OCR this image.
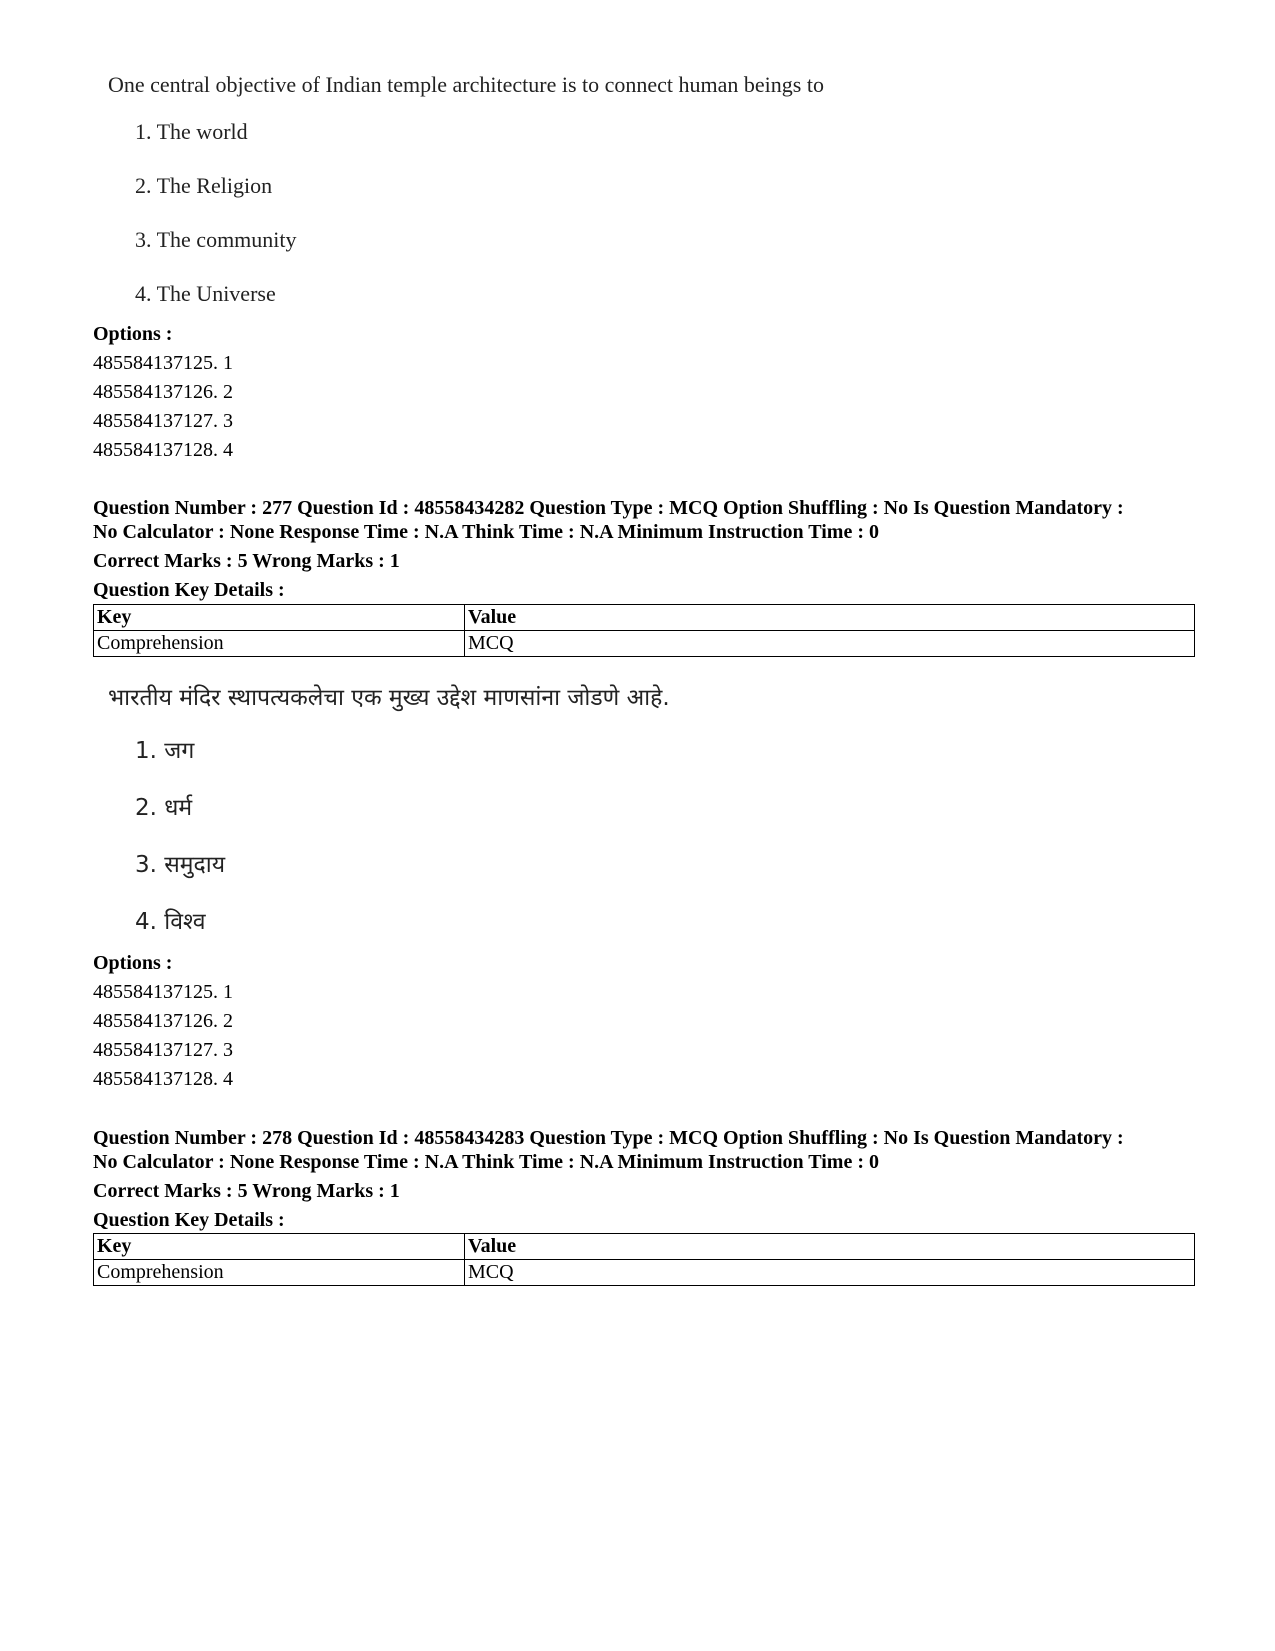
One central objective of Indian temple architecture is to connect human beings to
1. The world
2. The Religion
3. The community
4. The Universe
Options :
485584137125. 1
485584137126. 2
485584137127. 3
485584137128. 4
Question Number : 277 Question Id : 48558434282 Question Type : MCQ Option Shuffling : No Is Question Mandatory :
No Calculator : None Response Time : N.A Think Time : N.A Minimum Instruction Time : 0
Correct Marks : 5 Wrong Marks : 1
Question Key Details :
Key	Value
Comprehension	MCQ
भारतीय मंदिर स्थापत्यकलेचा एक मुख्य उद्देश माणसांना जोडणे आहे.
1. जग
2. धर्म
3. समुदाय
4. विश्व
Options :
485584137125. 1
485584137126. 2
485584137127. 3
485584137128. 4
Question Number : 278 Question Id : 48558434283 Question Type : MCQ Option Shuffling : No Is Question Mandatory :
No Calculator : None Response Time : N.A Think Time : N.A Minimum Instruction Time : 0
Correct Marks : 5 Wrong Marks : 1
Question Key Details :
Key	Value
Comprehension	MCQ
